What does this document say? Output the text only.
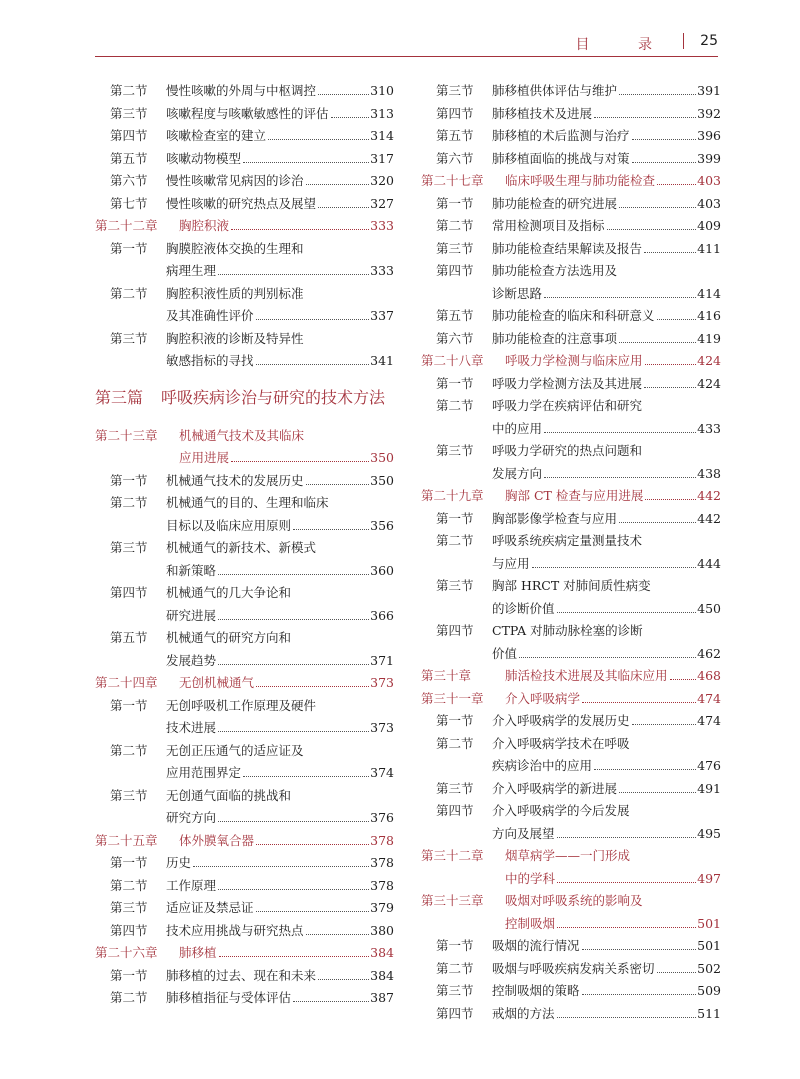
目 录 25
第二节	慢性咳嗽的外周与中枢调控	310
第三节	咳嗽程度与咳嗽敏感性的评估	313
第四节	咳嗽检查室的建立	314
第五节	咳嗽动物模型	317
第六节	慢性咳嗽常见病因的诊治	320
第七节	慢性咳嗽的研究热点及展望	327
第二十二章	胸腔积液	333
第一节	胸膜腔液体交换的生理和
病理生理	333
第二节	胸腔积液性质的判别标准
及其准确性评价	337
第三节	胸腔积液的诊断及特异性
敏感指标的寻找	341
第三篇 呼吸疾病诊治与研究的技术方法
第二十三章	机械通气技术及其临床
应用进展	350
第一节	机械通气技术的发展历史	350
第二节	机械通气的目的、生理和临床
目标以及临床应用原则	356
第三节	机械通气的新技术、新模式
和新策略	360
第四节	机械通气的几大争论和
研究进展	366
第五节	机械通气的研究方向和
发展趋势	371
第二十四章	无创机械通气	373
第一节	无创呼吸机工作原理及硬件
技术进展	373
第二节	无创正压通气的适应证及
应用范围界定	374
第三节	无创通气面临的挑战和
研究方向	376
第二十五章	体外膜氧合器	378
第一节	历史	378
第二节	工作原理	378
第三节	适应证及禁忌证	379
第四节	技术应用挑战与研究热点	380
第二十六章	肺移植	384
第一节	肺移植的过去、现在和未来	384
第二节	肺移植指征与受体评估	387
第三节	肺移植供体评估与维护	391
第四节	肺移植技术及进展	392
第五节	肺移植的术后监测与治疗	396
第六节	肺移植面临的挑战与对策	399
第二十七章	临床呼吸生理与肺功能检查	403
第一节	肺功能检查的研究进展	403
第二节	常用检测项目及指标	409
第三节	肺功能检查结果解读及报告	411
第四节	肺功能检查方法选用及
诊断思路	414
第五节	肺功能检查的临床和科研意义	416
第六节	肺功能检查的注意事项	419
第二十八章	呼吸力学检测与临床应用	424
第一节	呼吸力学检测方法及其进展	424
第二节	呼吸力学在疾病评估和研究
中的应用	433
第三节	呼吸力学研究的热点问题和
发展方向	438
第二十九章	胸部 CT 检查与应用进展	442
第一节	胸部影像学检查与应用	442
第二节	呼吸系统疾病定量测量技术
与应用	444
第三节	胸部 HRCT 对肺间质性病变
的诊断价值	450
第四节	CTPA 对肺动脉栓塞的诊断
价值	462
第三十章	肺活检技术进展及其临床应用 468
第三十一章	介入呼吸病学	474
第一节	介入呼吸病学的发展历史	474
第二节	介入呼吸病学技术在呼吸
疾病诊治中的应用	476
第三节	介入呼吸病学的新进展	491
第四节	介入呼吸病学的今后发展
方向及展望	495
第三十二章	烟草病学——一门形成
中的学科	497
第三十三章	吸烟对呼吸系统的影响及
控制吸烟	501
第一节	吸烟的流行情况	501
第二节	吸烟与呼吸疾病发病关系密切	502
第三节	控制吸烟的策略	509
第四节	戒烟的方法	511
